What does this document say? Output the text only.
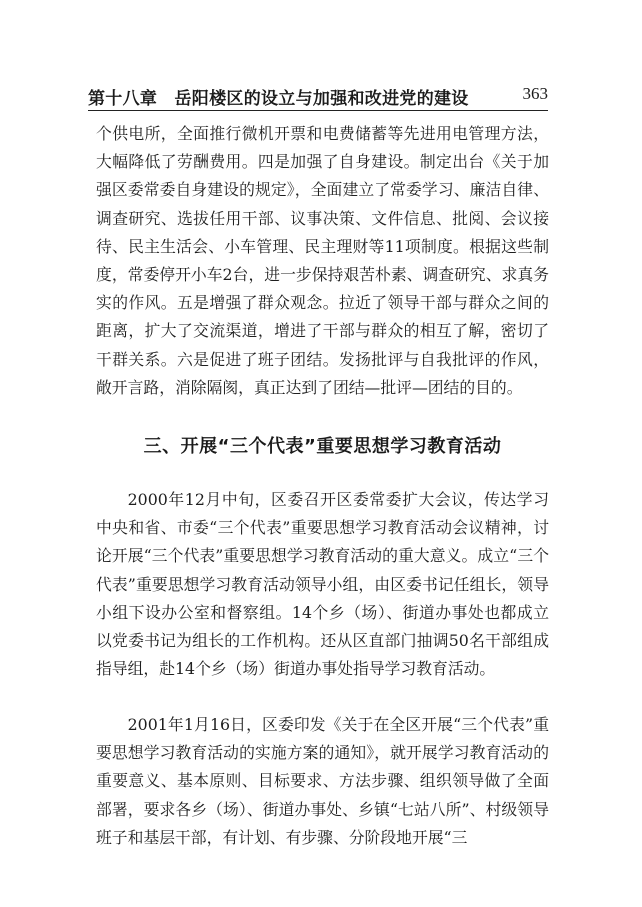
第十八章　岳阳楼区的设立与加强和改进党的建设	363

个供电所，全面推行微机开票和电费储蓄等先进用电管理方法，大幅降低了劳酬费用。四是加强了自身建设。制定出台《关于加强区委常委自身建设的规定》，全面建立了常委学习、廉洁自律、调查研究、选拔任用干部、议事决策、文件信息、批阅、会议接待、民主生活会、小车管理、民主理财等11项制度。根据这些制度，常委停开小车2台，进一步保持艰苦朴素、调查研究、求真务实的作风。五是增强了群众观念。拉近了领导干部与群众之间的距离，扩大了交流渠道，增进了干部与群众的相互了解，密切了干群关系。六是促进了班子团结。发扬批评与自我批评的作风，敞开言路，消除隔阂，真正达到了团结—批评—团结的目的。

三、开展“三个代表”重要思想学习教育活动

2000年12月中旬，区委召开区委常委扩大会议，传达学习中央和省、市委“三个代表”重要思想学习教育活动会议精神，讨论开展“三个代表”重要思想学习教育活动的重大意义。成立“三个代表”重要思想学习教育活动领导小组，由区委书记任组长，领导小组下设办公室和督察组。14个乡（场）、街道办事处也都成立以党委书记为组长的工作机构。还从区直部门抽调50名干部组成指导组，赴14个乡（场）街道办事处指导学习教育活动。

2001年1月16日，区委印发《关于在全区开展“三个代表”重要思想学习教育活动的实施方案的通知》，就开展学习教育活动的重要意义、基本原则、目标要求、方法步骤、组织领导做了全面部署，要求各乡（场）、街道办事处、乡镇“七站八所”、村级领导班子和基层干部，有计划、有步骤、分阶段地开展“三
